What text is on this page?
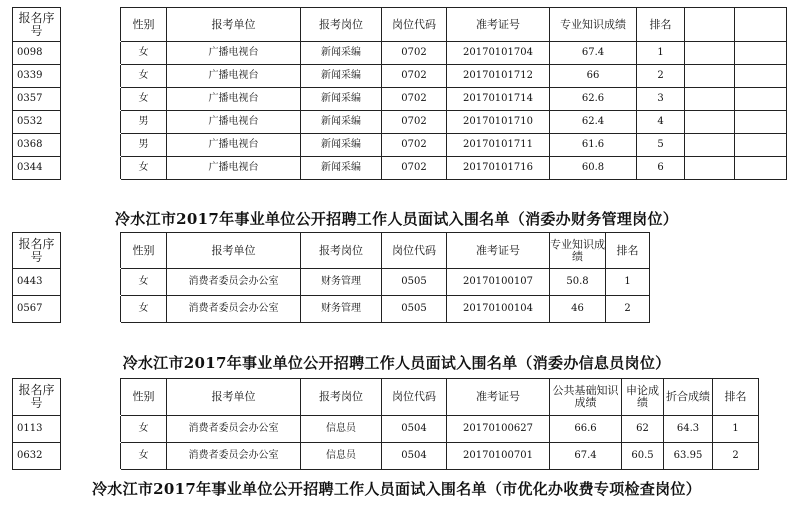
报名序号		性别	报考单位	报考岗位	岗位代码	准考证号	专业知识成绩	排名		
0098		女	广播电视台	新闻采编	0702	20170101704	67.4	1		
0339		女	广播电视台	新闻采编	0702	20170101712	66	2		
0357		女	广播电视台	新闻采编	0702	20170101714	62.6	3		
0532		男	广播电视台	新闻采编	0702	20170101710	62.4	4		
0368		男	广播电视台	新闻采编	0702	20170101711	61.6	5		
0344		女	广播电视台	新闻采编	0702	20170101716	60.8	6		
冷水江市2017年事业单位公开招聘工作人员面试入围名单（消委办财务管理岗位）
报名序号		性别	报考单位	报考岗位	岗位代码	准考证号	专业知识成绩	排名
0443		女	消费者委员会办公室	财务管理	0505	20170100107	50.8	1
0567		女	消费者委员会办公室	财务管理	0505	20170100104	46	2
冷水江市2017年事业单位公开招聘工作人员面试入围名单（消委办信息员岗位）
报名序号		性别	报考单位	报考岗位	岗位代码	准考证号	公共基础知识成绩	申论成绩	折合成绩	排名
0113		女	消费者委员会办公室	信息员	0504	20170100627	66.6	62	64.3	1
0632		女	消费者委员会办公室	信息员	0504	20170100701	67.4	60.5	63.95	2
冷水江市2017年事业单位公开招聘工作人员面试入围名单（市优化办收费专项检查岗位）
